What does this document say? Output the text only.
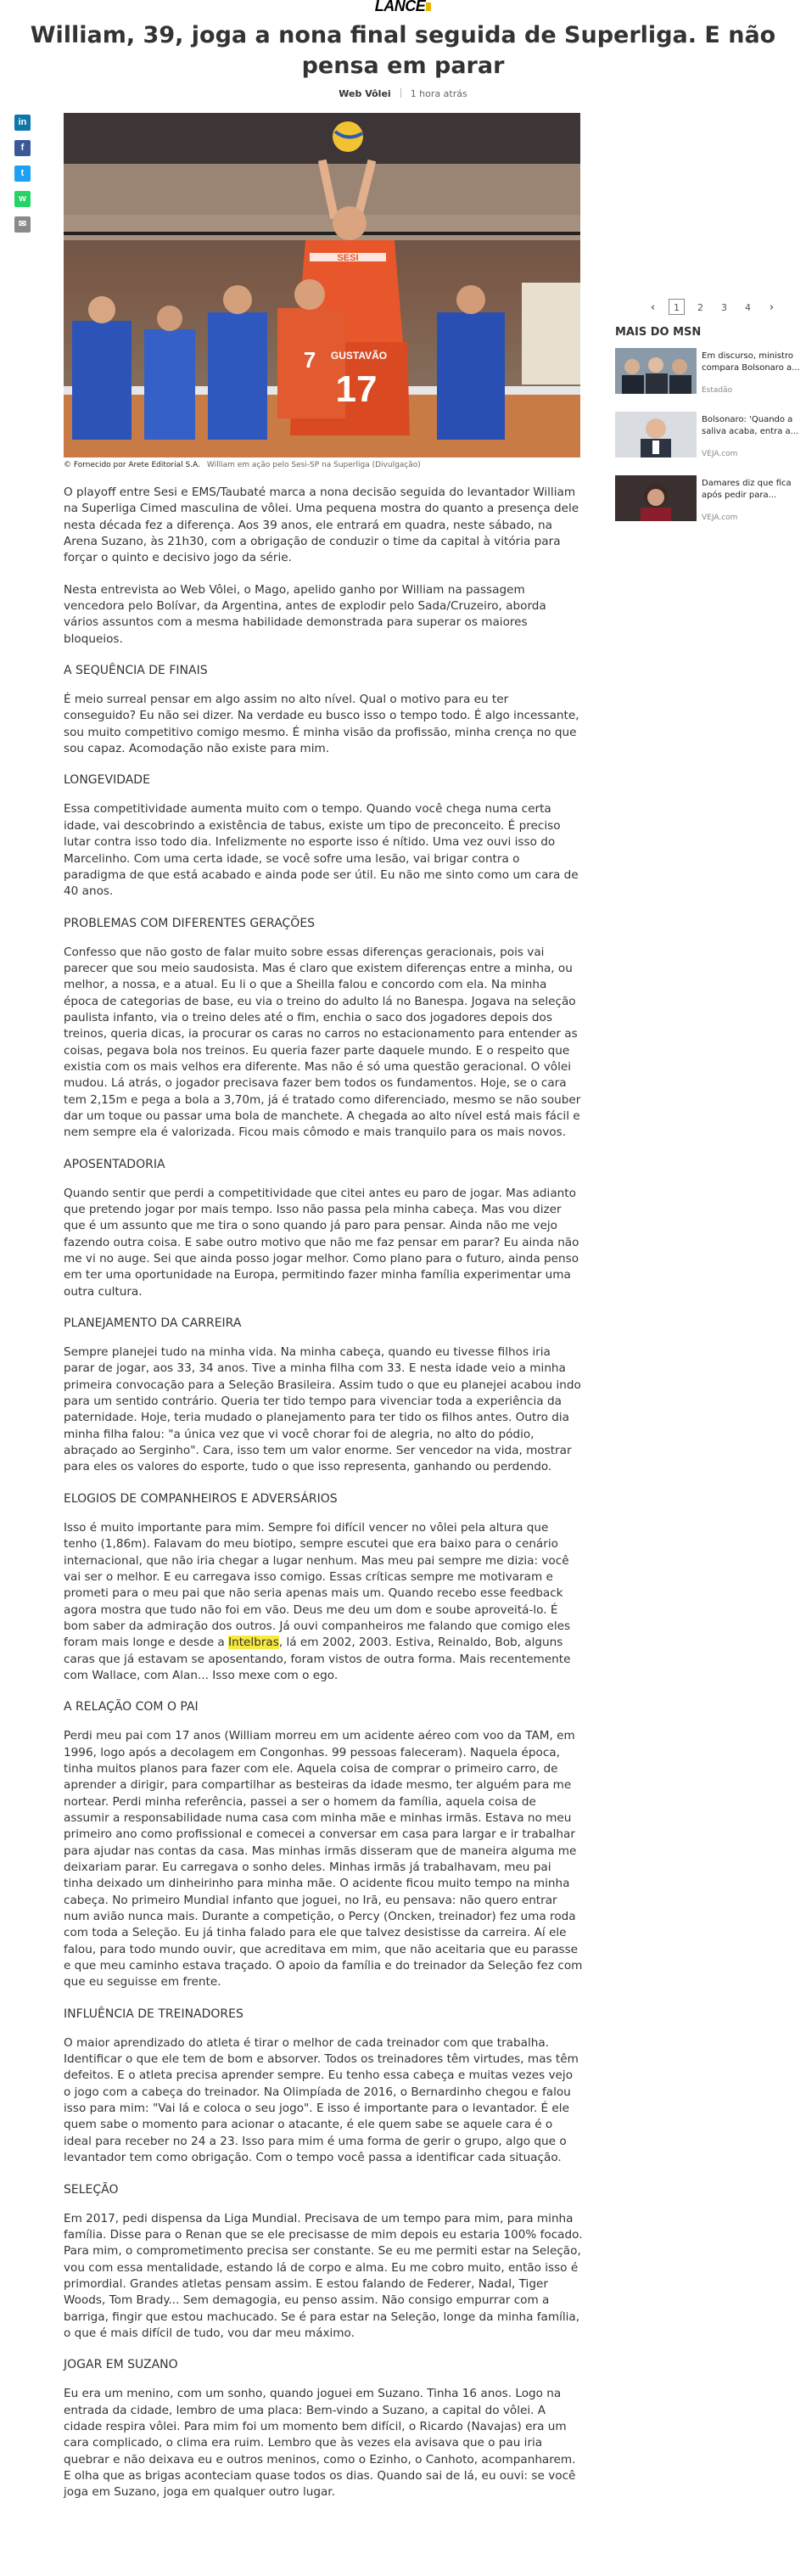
LANCE
William, 39, joga a nona final seguida de Superliga. E não pensa em parar
Web Vôlei 1 hora atrás
in
f
t
w
✉
SESI
GUSTAVÃO
17
7
© Fornecido por Arete Editorial S.A. William em ação pelo Sesi-SP na Superliga (Divulgação)
‹ 1 2 3 4 ›
MAIS DO MSN
Em discurso, ministro compara Bolsonaro a...
Estadão
Bolsonaro: 'Quando a saliva acaba, entra a...
VEJA.com
Damares diz que fica após pedir para...
VEJA.com

O playoff entre Sesi e EMS/Taubaté marca a nona decisão seguida do levantador William na Superliga Cimed masculina de vôlei. Uma pequena mostra do quanto a presença dele nesta década fez a diferença. Aos 39 anos, ele entrará em quadra, neste sábado, na Arena Suzano, às 21h30, com a obrigação de conduzir o time da capital à vitória para forçar o quinto e decisivo jogo da série.

Nesta entrevista ao Web Vôlei, o Mago, apelido ganho por William na passagem vencedora pelo Bolívar, da Argentina, antes de explodir pelo Sada/Cruzeiro, aborda vários assuntos com a mesma habilidade demonstrada para superar os maiores bloqueios.

A SEQUÊNCIA DE FINAIS

É meio surreal pensar em algo assim no alto nível. Qual o motivo para eu ter conseguido? Eu não sei dizer. Na verdade eu busco isso o tempo todo. É algo incessante, sou muito competitivo comigo mesmo. É minha visão da profissão, minha crença no que sou capaz. Acomodação não existe para mim.

LONGEVIDADE

Essa competitividade aumenta muito com o tempo. Quando você chega numa certa idade, vai descobrindo a existência de tabus, existe um tipo de preconceito. É preciso lutar contra isso todo dia. Infelizmente no esporte isso é nítido. Uma vez ouvi isso do Marcelinho. Com uma certa idade, se você sofre uma lesão, vai brigar contra o paradigma de que está acabado e ainda pode ser útil. Eu não me sinto como um cara de 40 anos.

PROBLEMAS COM DIFERENTES GERAÇÕES

Confesso que não gosto de falar muito sobre essas diferenças geracionais, pois vai parecer que sou meio saudosista. Mas é claro que existem diferenças entre a minha, ou melhor, a nossa, e a atual. Eu li o que a Sheilla falou e concordo com ela. Na minha época de categorias de base, eu via o treino do adulto lá no Banespa. Jogava na seleção paulista infanto, via o treino deles até o fim, enchia o saco dos jogadores depois dos treinos, queria dicas, ia procurar os caras no carros no estacionamento para entender as coisas, pegava bola nos treinos. Eu queria fazer parte daquele mundo. E o respeito que existia com os mais velhos era diferente. Mas não é só uma questão geracional. O vôlei mudou. Lá atrás, o jogador precisava fazer bem todos os fundamentos. Hoje, se o cara tem 2,15m e pega a bola a 3,70m, já é tratado como diferenciado, mesmo se não souber dar um toque ou passar uma bola de manchete. A chegada ao alto nível está mais fácil e nem sempre ela é valorizada. Ficou mais cômodo e mais tranquilo para os mais novos.

APOSENTADORIA

Quando sentir que perdi a competitividade que citei antes eu paro de jogar. Mas adianto que pretendo jogar por mais tempo. Isso não passa pela minha cabeça. Mas vou dizer que é um assunto que me tira o sono quando já paro para pensar. Ainda não me vejo fazendo outra coisa. E sabe outro motivo que não me faz pensar em parar? Eu ainda não me vi no auge. Sei que ainda posso jogar melhor. Como plano para o futuro, ainda penso em ter uma oportunidade na Europa, permitindo fazer minha família experimentar uma outra cultura.

PLANEJAMENTO DA CARREIRA

Sempre planejei tudo na minha vida. Na minha cabeça, quando eu tivesse filhos iria parar de jogar, aos 33, 34 anos. Tive a minha filha com 33. E nesta idade veio a minha primeira convocação para a Seleção Brasileira. Assim tudo o que eu planejei acabou indo para um sentido contrário. Queria ter tido tempo para vivenciar toda a experiência da paternidade. Hoje, teria mudado o planejamento para ter tido os filhos antes. Outro dia minha filha falou: "a única vez que vi você chorar foi de alegria, no alto do pódio, abraçado ao Serginho". Cara, isso tem um valor enorme. Ser vencedor na vida, mostrar para eles os valores do esporte, tudo o que isso representa, ganhando ou perdendo.

ELOGIOS DE COMPANHEIROS E ADVERSÁRIOS

Isso é muito importante para mim. Sempre foi difícil vencer no vôlei pela altura que tenho (1,86m). Falavam do meu biotipo, sempre escutei que era baixo para o cenário internacional, que não iria chegar a lugar nenhum. Mas meu pai sempre me dizia: você vai ser o melhor. E eu carregava isso comigo. Essas críticas sempre me motivaram e prometi para o meu pai que não seria apenas mais um. Quando recebo esse feedback agora mostra que tudo não foi em vão. Deus me deu um dom e soube aproveitá-lo. É bom saber da admiração dos outros. Já ouvi companheiros me falando que comigo eles foram mais longe e desde a Intelbras, lá em 2002, 2003. Estiva, Reinaldo, Bob, alguns caras que já estavam se aposentando, foram vistos de outra forma. Mais recentemente com Wallace, com Alan... Isso mexe com o ego.

A RELAÇÃO COM O PAI

Perdi meu pai com 17 anos (William morreu em um acidente aéreo com voo da TAM, em 1996, logo após a decolagem em Congonhas. 99 pessoas faleceram). Naquela época, tinha muitos planos para fazer com ele. Aquela coisa de comprar o primeiro carro, de aprender a dirigir, para compartilhar as besteiras da idade mesmo, ter alguém para me nortear. Perdi minha referência, passei a ser o homem da família, aquela coisa de assumir a responsabilidade numa casa com minha mãe e minhas irmãs. Estava no meu primeiro ano como profissional e comecei a conversar em casa para largar e ir trabalhar para ajudar nas contas da casa. Mas minhas irmãs disseram que de maneira alguma me deixariam parar. Eu carregava o sonho deles. Minhas irmãs já trabalhavam, meu pai tinha deixado um dinheirinho para minha mãe. O acidente ficou muito tempo na minha cabeça. No primeiro Mundial infanto que joguei, no Irã, eu pensava: não quero entrar num avião nunca mais. Durante a competição, o Percy (Oncken, treinador) fez uma roda com toda a Seleção. Eu já tinha falado para ele que talvez desistisse da carreira. Aí ele falou, para todo mundo ouvir, que acreditava em mim, que não aceitaria que eu parasse e que meu caminho estava traçado. O apoio da família e do treinador da Seleção fez com que eu seguisse em frente.

INFLUÊNCIA DE TREINADORES

O maior aprendizado do atleta é tirar o melhor de cada treinador com que trabalha. Identificar o que ele tem de bom e absorver. Todos os treinadores têm virtudes, mas têm defeitos. E o atleta precisa aprender sempre. Eu tenho essa cabeça e muitas vezes vejo o jogo com a cabeça do treinador. Na Olimpíada de 2016, o Bernardinho chegou e falou isso para mim: "Vai lá e coloca o seu jogo". E isso é importante para o levantador. É ele quem sabe o momento para acionar o atacante, é ele quem sabe se aquele cara é o ideal para receber no 24 a 23. Isso para mim é uma forma de gerir o grupo, algo que o levantador tem como obrigação. Com o tempo você passa a identificar cada situação.

SELEÇÃO

Em 2017, pedi dispensa da Liga Mundial. Precisava de um tempo para mim, para minha família. Disse para o Renan que se ele precisasse de mim depois eu estaria 100% focado. Para mim, o comprometimento precisa ser constante. Se eu me permiti estar na Seleção, vou com essa mentalidade, estando lá de corpo e alma. Eu me cobro muito, então isso é primordial. Grandes atletas pensam assim. E estou falando de Federer, Nadal, Tiger Woods, Tom Brady... Sem demagogia, eu penso assim. Não consigo empurrar com a barriga, fingir que estou machucado. Se é para estar na Seleção, longe da minha família, o que é mais difícil de tudo, vou dar meu máximo.

JOGAR EM SUZANO

Eu era um menino, com um sonho, quando joguei em Suzano. Tinha 16 anos. Logo na entrada da cidade, lembro de uma placa: Bem-vindo a Suzano, a capital do vôlei. A cidade respira vôlei. Para mim foi um momento bem difícil, o Ricardo (Navajas) era um cara complicado, o clima era ruim. Lembro que às vezes ela avisava que o pau iria quebrar e não deixava eu e outros meninos, como o Ezinho, o Canhoto, acompanharem. E olha que as brigas aconteciam quase todos os dias. Quando sai de lá, eu ouvi: se você joga em Suzano, joga em qualquer outro lugar.
